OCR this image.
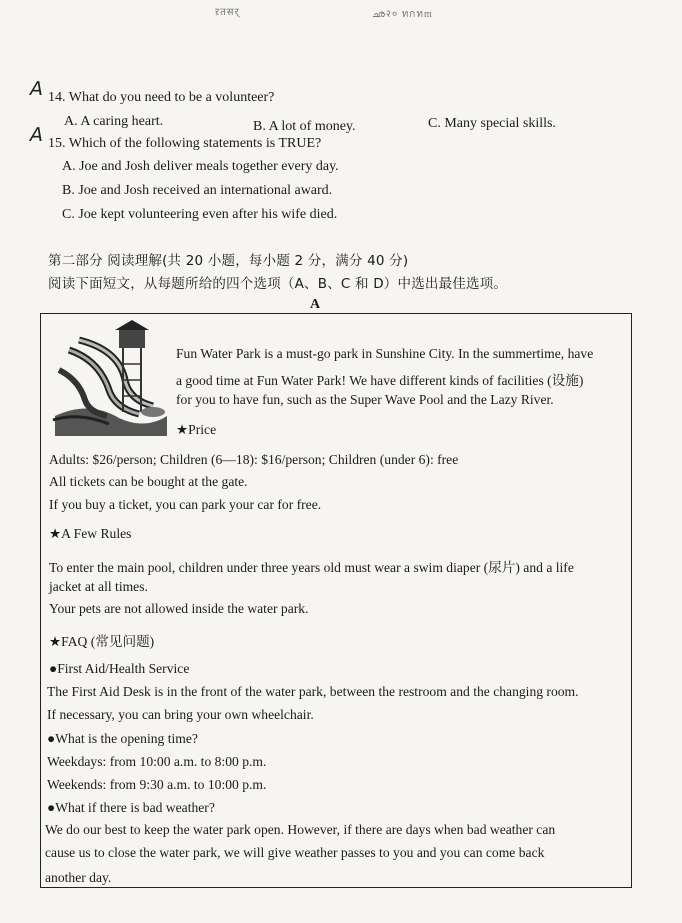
ऱतसर्	ഛ२० ทกทm
A 14. What do you need to be a volunteer?
A. A caring heart.	B. A lot of money.	C. Many special skills.
A 15. Which of the following statements is TRUE?
A. Joe and Josh deliver meals together every day.
B. Joe and Josh received an international award.
C. Joe kept volunteering even after his wife died.
第二部分 阅读理解(共 20 小题，每小题 2 分，满分 40 分)
阅读下面短文，从每题所给的四个选项（A、B、C 和 D）中选出最佳选项。
A
Fun Water Park is a must-go park in Sunshine City. In the summertime, have
a good time at Fun Water Park! We have different kinds of facilities (设施)
for you to have fun, such as the Super Wave Pool and the Lazy River.
★Price
Adults: $26/person; Children (6—18): $16/person; Children (under 6): free
All tickets can be bought at the gate.
If you buy a ticket, you can park your car for free.
★A Few Rules
To enter the main pool, children under three years old must wear a swim diaper (尿片) and a life
jacket at all times.
Your pets are not allowed inside the water park.
★FAQ (常见问题)
●First Aid/Health Service
The First Aid Desk is in the front of the water park, between the restroom and the changing room.
If necessary, you can bring your own wheelchair.
●What is the opening time?
Weekdays: from 10:00 a.m. to 8:00 p.m.
Weekends: from 9:30 a.m. to 10:00 p.m.
●What if there is bad weather?
We do our best to keep the water park open. However, if there are days when bad weather can
cause us to close the water park, we will give weather passes to you and you can come back
another day.
